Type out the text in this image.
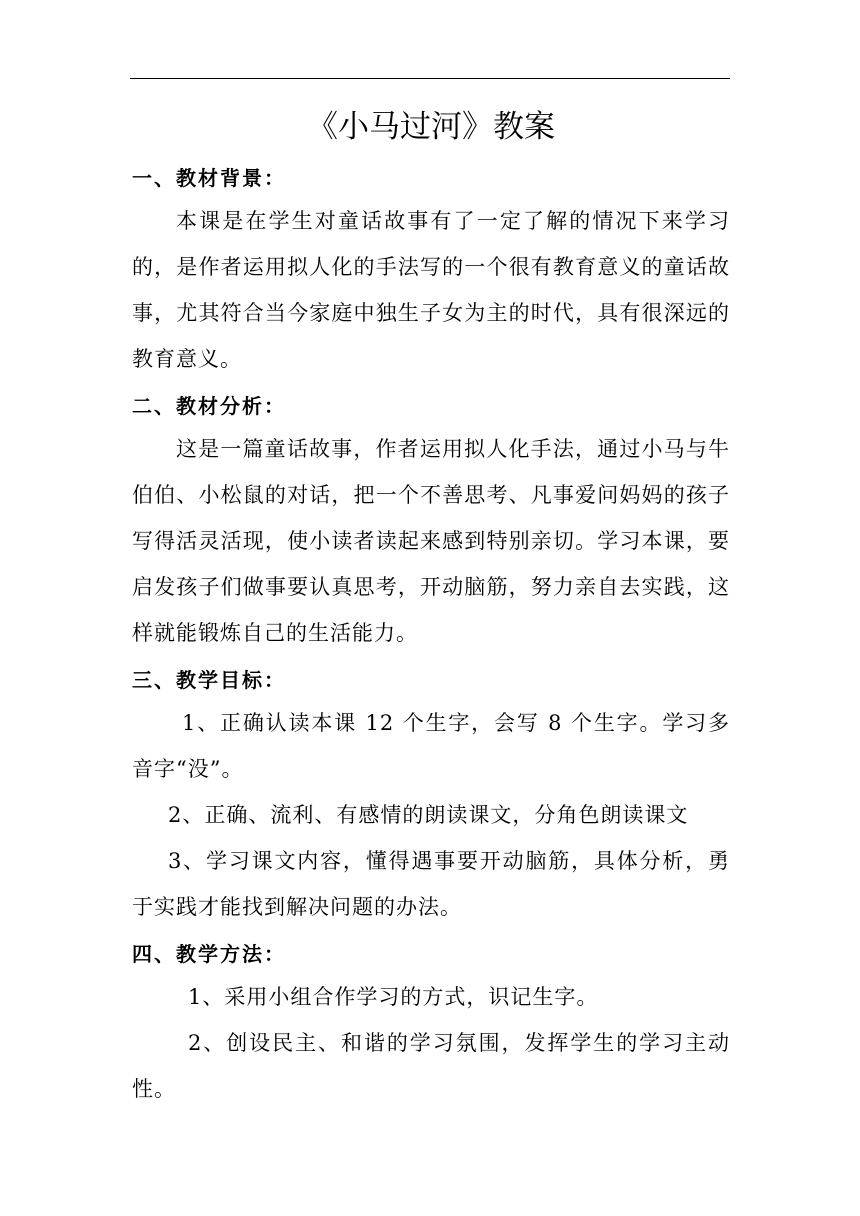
《小马过河》教案
一、教材背景：

本课是在学生对童话故事有了一定了解的情况下来学习的，是作者运用拟人化的手法写的一个很有教育意义的童话故事，尤其符合当今家庭中独生子女为主的时代，具有很深远的教育意义。

二、教材分析：

这是一篇童话故事，作者运用拟人化手法，通过小马与牛伯伯、小松鼠的对话，把一个不善思考、凡事爱问妈妈的孩子写得活灵活现，使小读者读起来感到特别亲切。学习本课，要启发孩子们做事要认真思考，开动脑筋，努力亲自去实践，这样就能锻炼自己的生活能力。

三、教学目标：

1、正确认读本课 12 个生字，会写 8 个生字。学习多音字“没”。

2、正确、流利、有感情的朗读课文，分角色朗读课文

3、学习课文内容，懂得遇事要开动脑筋，具体分析，勇于实践才能找到解决问题的办法。

四、教学方法：

1、采用小组合作学习的方式，识记生字。

2、创设民主、和谐的学习氛围，发挥学生的学习主动性。
